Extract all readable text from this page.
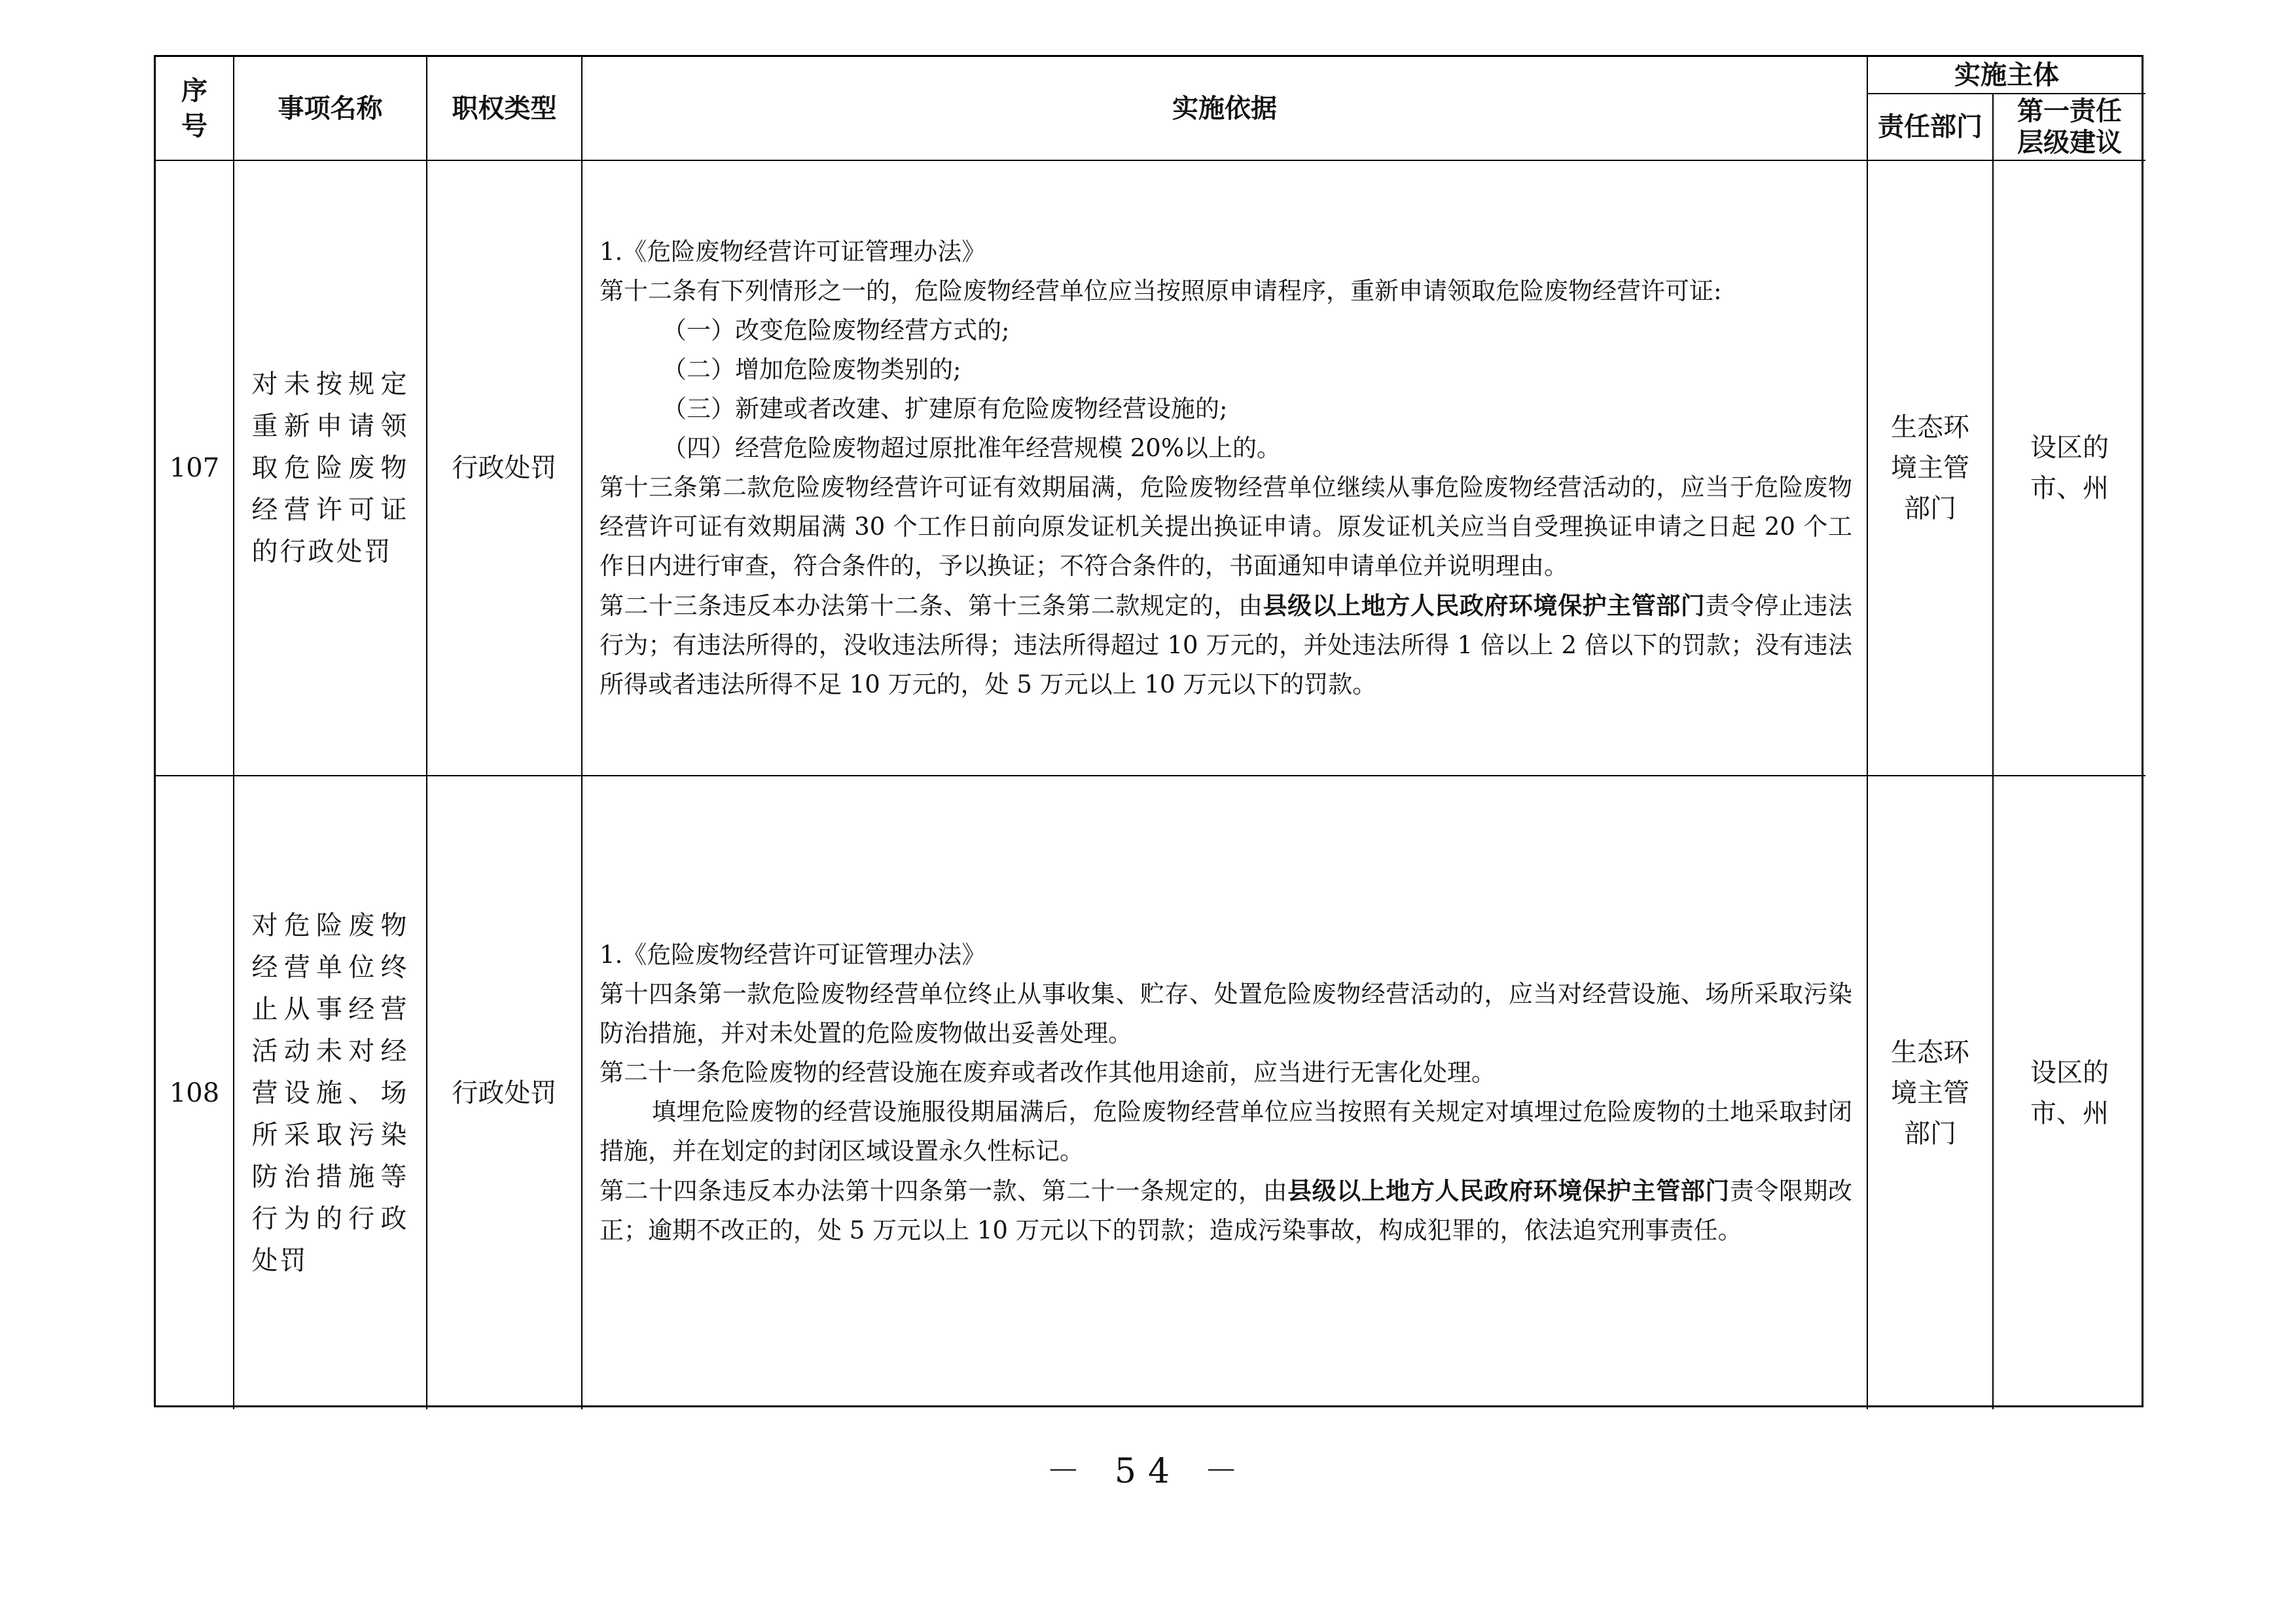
序
号
事项名称	职权类型	实施依据
实施主体
责任部门
第一责任
层级建议
107
对未按规定重新申请领取危险废物经营许可证的行政处罚
行政处罚

1.《危险废物经营许可证管理办法》

第十二条有下列情形之一的，危险废物经营单位应当按照原申请程序，重新申请领取危险废物经营许可证:

（一）改变危险废物经营方式的;

（二）增加危险废物类别的;

（三）新建或者改建、扩建原有危险废物经营设施的;

（四）经营危险废物超过原批准年经营规模 20%以上的。

第十三条第二款危险废物经营许可证有效期届满，危险废物经营单位继续从事危险废物经营活动的，应当于危险废物经营许可证有效期届满 30 个工作日前向原发证机关提出换证申请。原发证机关应当自受理换证申请之日起 20 个工作日内进行审查，符合条件的，予以换证；不符合条件的，书面通知申请单位并说明理由。

第二十三条违反本办法第十二条、第十三条第二款规定的，由县级以上地方人民政府环境保护主管部门责令停止违法行为；有违法所得的，没收违法所得；违法所得超过 10 万元的，并处违法所得 1 倍以上 2 倍以下的罚款；没有违法所得或者违法所得不足 10 万元的，处 5 万元以上 10 万元以下的罚款。

生态环境主管部门
设区的市、州
108
对危险废物经营单位终止从事经营活动未对经营设施、场所采取污染防治措施等行为的行政处罚
行政处罚

1.《危险废物经营许可证管理办法》

第十四条第一款危险废物经营单位终止从事收集、贮存、处置危险废物经营活动的，应当对经营设施、场所采取污染防治措施，并对未处置的危险废物做出妥善处理。

第二十一条危险废物的经营设施在废弃或者改作其他用途前，应当进行无害化处理。

填埋危险废物的经营设施服役期届满后，危险废物经营单位应当按照有关规定对填埋过危险废物的土地采取封闭措施，并在划定的封闭区域设置永久性标记。

第二十四条违反本办法第十四条第一款、第二十一条规定的，由县级以上地方人民政府环境保护主管部门责令限期改正；逾期不改正的，处 5 万元以上 10 万元以下的罚款；造成污染事故，构成犯罪的，依法追究刑事责任。

生态环境主管部门
设区的市、州
－ 54 －
